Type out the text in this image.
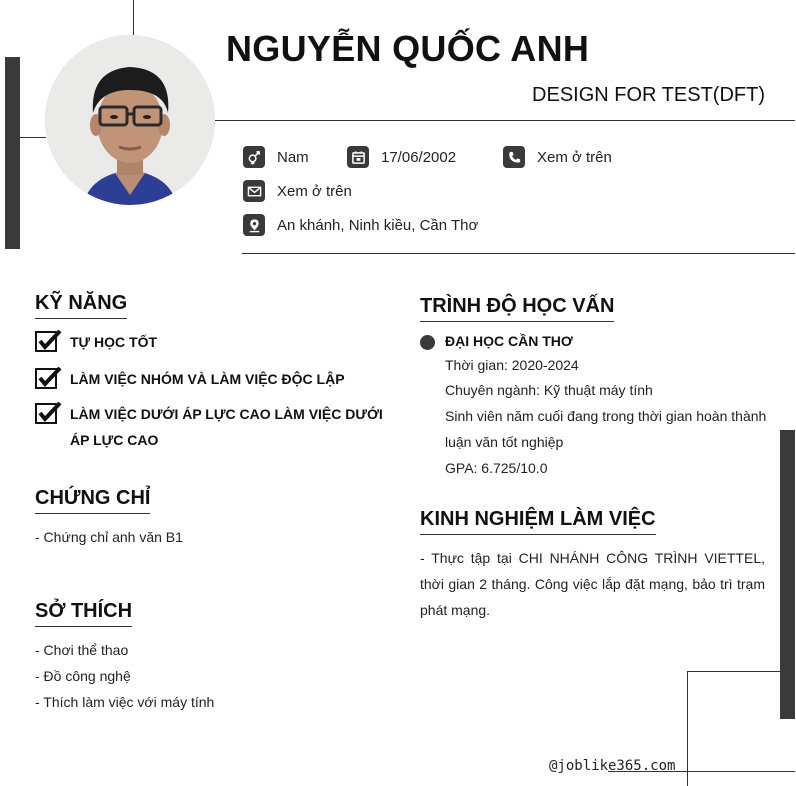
NGUYỄN QUỐC ANH
DESIGN FOR TEST(DFT)
Nam	17/06/2002	Xem ở trên
Xem ở trên
An khánh, Ninh kiều, Cần Thơ
KỸ NĂNG
TỰ HỌC TỐT
LÀM VIỆC NHÓM VÀ LÀM VIỆC ĐỘC LẬP
LÀM VIỆC DƯỚI ÁP LỰC CAO LÀM VIỆC DƯỚI ÁP LỰC CAO
CHỨNG CHỈ
- Chứng chỉ anh văn B1
SỞ THÍCH
- Chơi thể thao
- Đồ công nghệ
- Thích làm việc với máy tính
TRÌNH ĐỘ HỌC VẤN
ĐẠI HỌC CẦN THƠ
Thời gian: 2020-2024
Chuyên ngành: Kỹ thuật máy tính
Sinh viên năm cuối đang trong thời gian hoàn thành
luận văn tốt nghiệp
GPA: 6.725/10.0
KINH NGHIỆM LÀM VIỆC
- Thực tập tại CHI NHÁNH CÔNG TRÌNH VIETTEL, thời gian 2 tháng. Công việc lắp đặt mạng, bảo trì trạm phát mạng.
@joblike365.com
